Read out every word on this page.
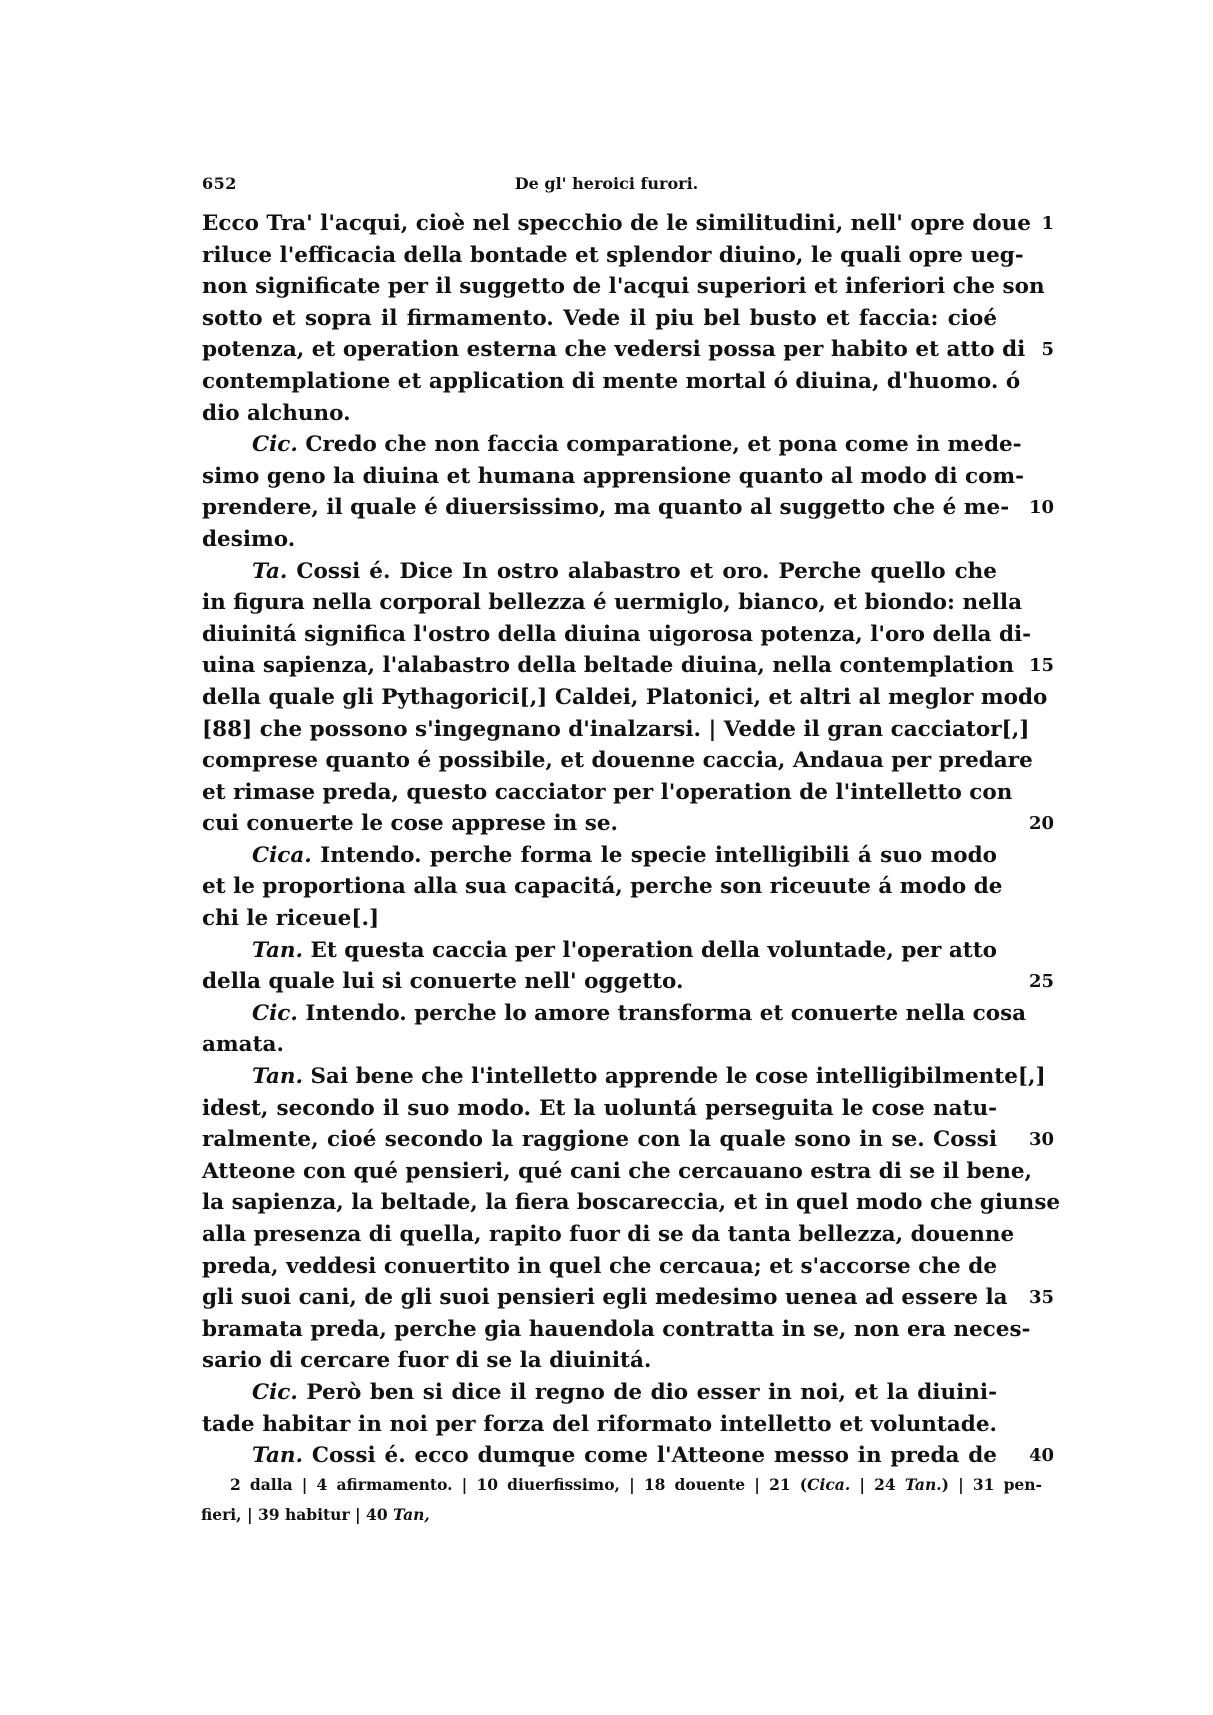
652	De gl' heroici furori.
Ecco Tra' l'acqui, cioè nel specchio de le similitudini, nell' opre doue 1
riluce l'efficacia della bontade et splendor diuino, le quali opre ueg-
non significate per il suggetto de l'acqui superiori et inferiori che son
sotto et sopra il firmamento. Vede il piu bel busto et faccia: cioé
potenza, et operation esterna che vedersi possa per habito et atto di 5
contemplatione et application di mente mortal ó diuina, d'huomo. ó
dio alchuno.
Cic. Credo che non faccia comparatione, et pona come in mede-
simo geno la diuina et humana apprensione quanto al modo di com-
prendere, il quale é diuersissimo, ma quanto al suggetto che é me- 10
desimo.
Ta. Cossi é. Dice In ostro alabastro et oro. Perche quello che
in figura nella corporal bellezza é uermiglo, bianco, et biondo: nella
diuinitá significa l'ostro della diuina uigorosa potenza, l'oro della di-
uina sapienza, l'alabastro della beltade diuina, nella contemplation 15
della quale gli Pythagorici[,] Caldei, Platonici, et altri al meglor modo
[88] che possono s'ingegnano d'inalzarsi. | Vedde il gran cacciator[,]
comprese quanto é possibile, et douenne caccia, Andaua per predare
et rimase preda, questo cacciator per l'operation de l'intelletto con
cui conuerte le cose apprese in se.	20
Cica. Intendo. perche forma le specie intelligibili á suo modo
et le proportiona alla sua capacitá, perche son riceuute á modo de
chi le riceue[.]
Tan. Et questa caccia per l'operation della voluntade, per atto
della quale lui si conuerte nell' oggetto.	25
Cic. Intendo. perche lo amore transforma et conuerte nella cosa
amata.
Tan. Sai bene che l'intelletto apprende le cose intelligibilmente[,]
idest, secondo il suo modo. Et la uoluntá perseguita le cose natu-
ralmente, cioé secondo la raggione con la quale sono in se. Cossi 30
Atteone con qué pensieri, qué cani che cercauano estra di se il bene,
la sapienza, la beltade, la fiera boscareccia, et in quel modo che giunse
alla presenza di quella, rapito fuor di se da tanta bellezza, douenne
preda, veddesi conuertito in quel che cercaua; et s'accorse che de
gli suoi cani, de gli suoi pensieri egli medesimo uenea ad essere la 35
bramata preda, perche gia hauendola contratta in se, non era neces-
sario di cercare fuor di se la diuinitá.
Cic. Però ben si dice il regno de dio esser in noi, et la diuini-
tade habitar in noi per forza del riformato intelletto et voluntade.
Tan. Cossi é. ecco dumque come l'Atteone messo in preda de 40
2 dalla | 4 afirmamento. | 10 diuerfissimo, | 18 douente | 21 (Cica. | 24 Tan.) | 31 pen-
fieri, | 39 habitur | 40 Tan,
